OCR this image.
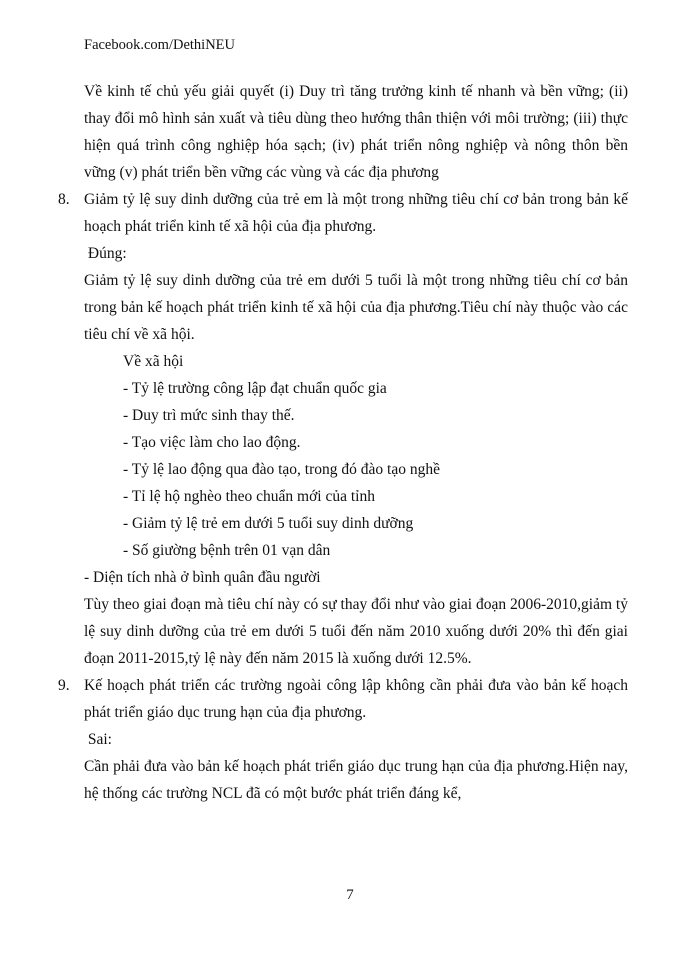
Facebook.com/DethiNEU
Về kinh tế chủ yếu giải quyết (i) Duy trì tăng trưởng kinh tế nhanh và bền vững; (ii) thay đổi mô hình sản xuất và tiêu dùng theo hướng thân thiện với môi trường; (iii) thực hiện quá trình công nghiệp hóa sạch; (iv) phát triển nông nghiệp và nông thôn bền vững (v) phát triển bền vững các vùng và các địa phương
8. Giảm tỷ lệ suy dinh dưỡng của trẻ em là một trong những tiêu chí cơ bản trong bản kế hoạch phát triển kinh tế xã hội của địa phương.
Đúng:
Giảm tỷ lệ suy dinh dưỡng của trẻ em dưới 5 tuổi là một trong những tiêu chí cơ bản trong bản kế hoạch phát triển kinh tế xã hội của địa phương.Tiêu chí này thuộc vào các tiêu chí về xã hội.
Về xã hội
- Tỷ lệ trường công lập đạt chuẩn quốc gia
- Duy trì mức sinh thay thế.
- Tạo việc làm cho lao động.
- Tỷ lệ lao động qua đào tạo, trong đó đào tạo nghề
- Tỉ lệ hộ nghèo theo chuẩn mới của tỉnh
- Giảm tỷ lệ trẻ em dưới 5 tuổi suy dinh dưỡng
- Số giường bệnh trên 01 vạn dân
- Diện tích nhà ở bình quân đầu người
Tùy theo giai đoạn mà tiêu chí này có sự thay đổi như vào giai đoạn 2006-2010,giảm tỷ lệ suy dinh dưỡng của trẻ em dưới 5 tuổi đến năm 2010 xuống dưới 20% thì đến giai đoạn 2011-2015,tỷ lệ này đến năm 2015 là xuống dưới 12.5%.
9. Kế hoạch phát triển các trường ngoài công lập không cần phải đưa vào bản kế hoạch phát triển giáo dục trung hạn của địa phương.
Sai:
Cần phải đưa vào bản kế hoạch phát triển giáo dục trung hạn của địa phương.Hiện nay, hệ thống các trường NCL đã có một bước phát triển đáng kể,
7
